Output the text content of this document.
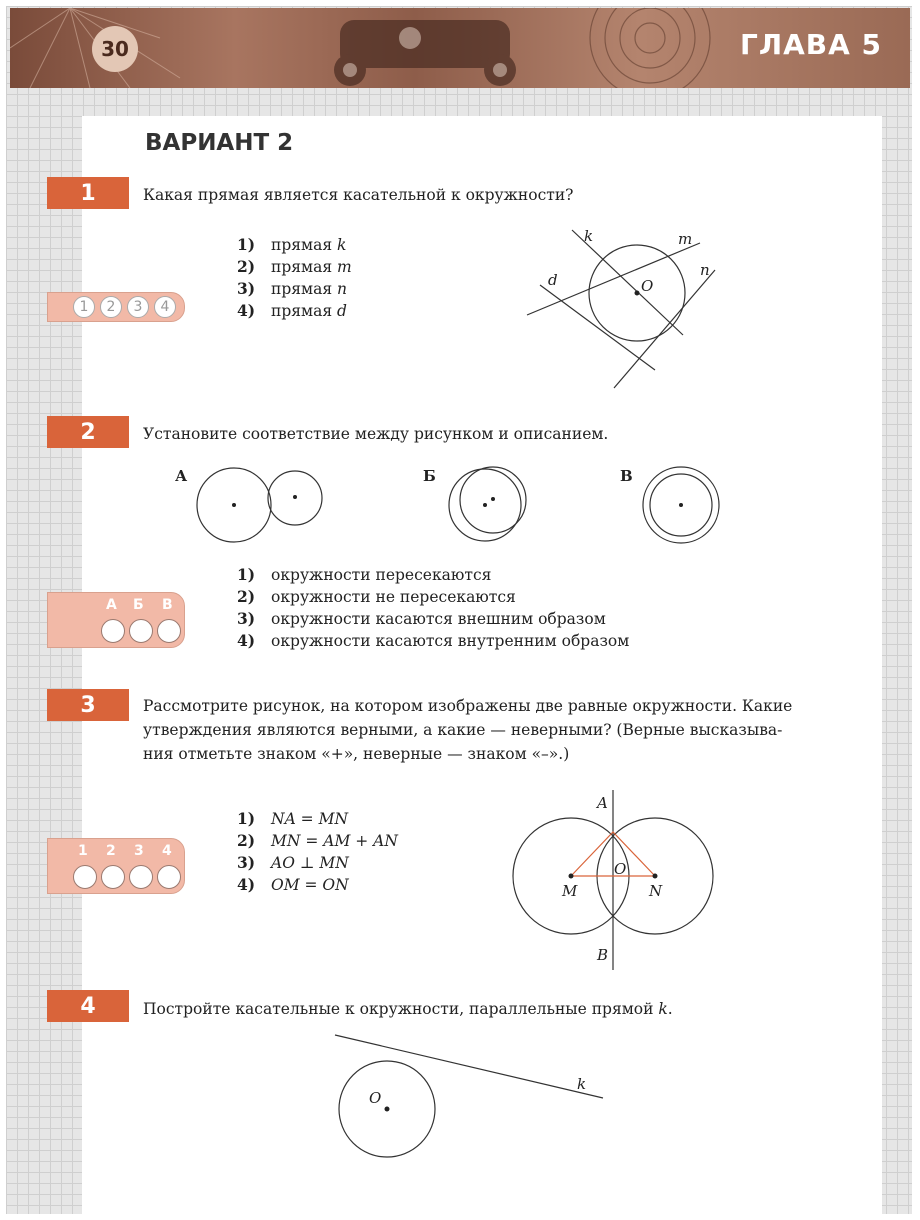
30	ГЛАВА 5
ВАРИАНТ 2
1	Какая прямая является касательной к окружности?
1) прямая k
2) прямая m
3) прямая n
4) прямая d
1	2	3	4
k	m
n
d	O
2	Установите соответствие между рисунком и описанием.
А	Б	В
1) окружности пересекаются
2) окружности не пересекаются
3) окружности касаются внешним образом
4) окружности касаются внутренним образом
А Б В
3	Рассмотрите рисунок, на котором изображены две равные окружности. Какие
утверждения являются верными, а какие — неверными? (Верные высказыва-
ния отметьте знаком «+», неверные — знаком «–».)
1) NA = MN
2) MN = AM + AN
3) AO ⊥ MN
4) OM = ON
1 2 3 4
A
B
O
M	N
4	Постройте касательные к окружности, параллельные прямой k.
O
k
